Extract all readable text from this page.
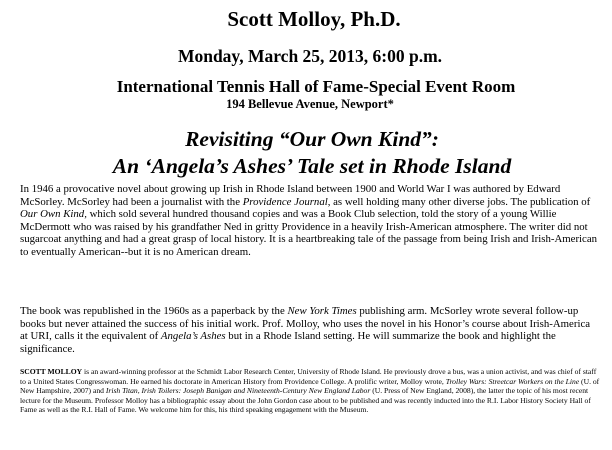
Scott Molloy, Ph.D.
Monday, March 25, 2013, 6:00 p.m.
International Tennis Hall of Fame-Special Event Room
194 Bellevue Avenue, Newport*
Revisiting “Our Own Kind”:
An ‘Angela’s Ashes’ Tale set in Rhode Island
In 1946 a provocative novel about growing up Irish in Rhode Island between 1900 and World War I was authored by Edward McSorley. McSorley had been a journalist with the Providence Journal, as well holding many other diverse jobs. The publication of Our Own Kind, which sold several hundred thousand copies and was a Book Club selection, told the story of a young Willie McDermott who was raised by his grandfather Ned in gritty Providence in a heavily Irish-American atmosphere. The writer did not sugarcoat anything and had a great grasp of local history. It is a heartbreaking tale of the passage from being Irish and Irish-American to eventually American--but it is no American dream.
The book was republished in the 1960s as a paperback by the New York Times publishing arm. McSorley wrote several follow-up books but never attained the success of his initial work. Prof. Molloy, who uses the novel in his Honor’s course about Irish-America at URI, calls it the equivalent of Angela’s Ashes but in a Rhode Island setting. He will summarize the book and highlight the significance.
SCOTT MOLLOY is an award-winning professor at the Schmidt Labor Research Center, University of Rhode Island. He previously drove a bus, was a union activist, and was chief of staff to a United States Congresswoman. He earned his doctorate in American History from Providence College. A prolific writer, Molloy wrote, Trolley Wars: Streetcar Workers on the Line (U. of New Hampshire, 2007) and Irish Titan, Irish Toilers: Joseph Banigan and Nineteenth-Century New England Labor (U. Press of New England, 2008), the latter the topic of his most recent lecture for the Museum. Professor Molloy has a bibliographic essay about the John Gordon case about to be published and was recently inducted into the R.I. Labor History Society Hall of Fame as well as the R.I. Hall of Fame. We welcome him for this, his third speaking engagement with the Museum.
